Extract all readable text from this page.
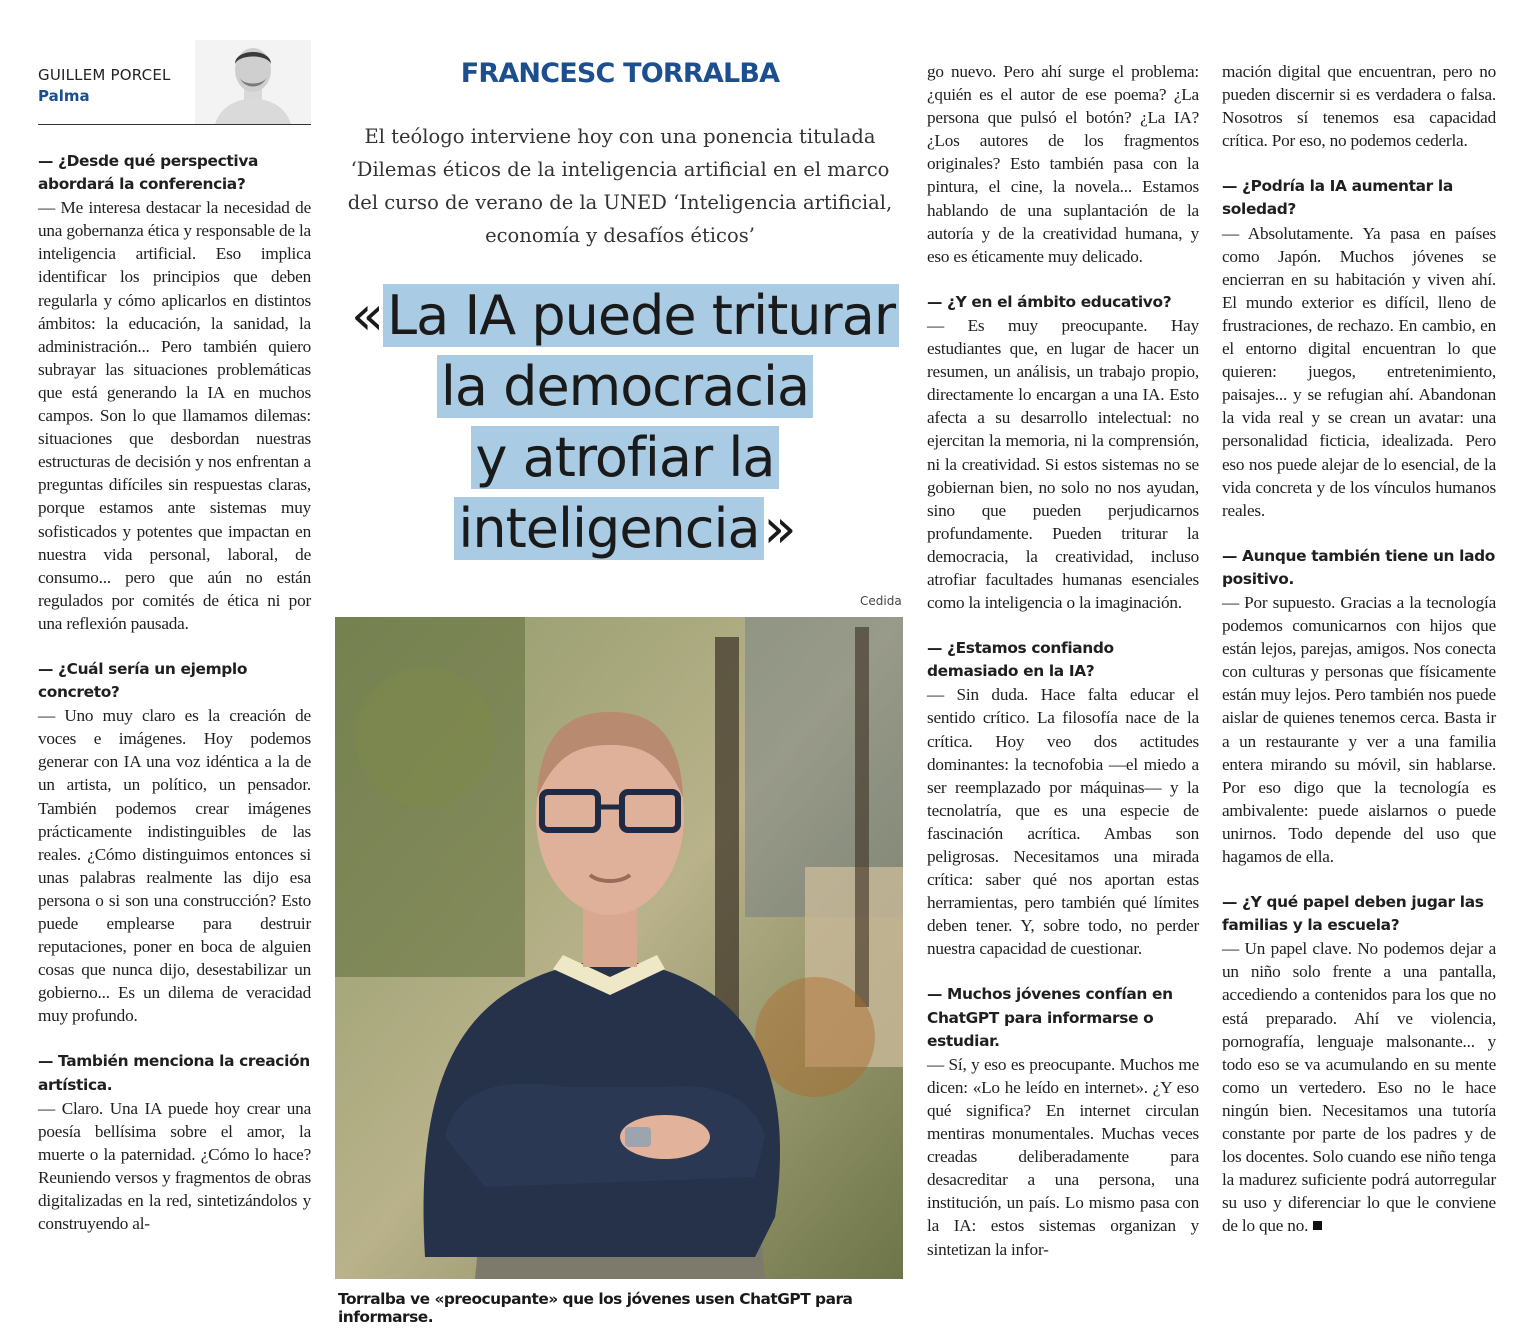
GUILLEM PORCEL
Palma
FRANCESC TORRALBA
El teólogo interviene hoy con una ponencia titulada ‘Dilemas éticos de la inteligencia artificial en el marco del curso de verano de la UNED ‘Inteligencia artificial, economía y desafíos éticos’
«La IA puede triturar
la democracia
y atrofiar la
inteligencia»
Cedida
Torralba ve «preocupante» que los jóvenes usen ChatGPT para informarse.

— ¿Desde qué perspectiva abordará la conferencia?

— Me interesa destacar la necesidad de una gobernanza ética y responsable de la inteligencia artificial. Eso implica identificar los principios que deben regularla y cómo aplicarlos en distintos ámbitos: la educación, la sanidad, la administración... Pero también quiero subrayar las situaciones problemáticas que está generando la IA en muchos campos. Son lo que llamamos dilemas: situaciones que desbordan nuestras estructuras de decisión y nos enfrentan a preguntas difíciles sin respuestas claras, porque estamos ante sistemas muy sofisticados y potentes que impactan en nuestra vida personal, laboral, de consumo... pero que aún no están regulados por comités de ética ni por una reflexión pausada.

— ¿Cuál sería un ejemplo concreto?

— Uno muy claro es la creación de voces e imágenes. Hoy podemos generar con IA una voz idéntica a la de un artista, un político, un pensador. También podemos crear imágenes prácticamente indistinguibles de las reales. ¿Cómo distinguimos entonces si unas palabras realmente las dijo esa persona o si son una construcción? Esto puede emplearse para destruir reputaciones, poner en boca de alguien cosas que nunca dijo, desestabilizar un gobierno... Es un dilema de veracidad muy profundo.

— También menciona la creación artística.

— Claro. Una IA puede hoy crear una poesía bellísima sobre el amor, la muerte o la paternidad. ¿Cómo lo hace? Reuniendo versos y fragmentos de obras digitalizadas en la red, sintetizándolos y construyendo al-

go nuevo. Pero ahí surge el problema: ¿quién es el autor de ese poema? ¿La persona que pulsó el botón? ¿La IA? ¿Los autores de los fragmentos originales? Esto también pasa con la pintura, el cine, la novela... Estamos hablando de una suplantación de la autoría y de la creatividad humana, y eso es éticamente muy delicado.

— ¿Y en el ámbito educativo?

— Es muy preocupante. Hay estudiantes que, en lugar de hacer un resumen, un análisis, un trabajo propio, directamente lo encargan a una IA. Esto afecta a su desarrollo intelectual: no ejercitan la memoria, ni la comprensión, ni la creatividad. Si estos sistemas no se gobiernan bien, no solo no nos ayudan, sino que pueden perjudicarnos profundamente. Pueden triturar la democracia, la creatividad, incluso atrofiar facultades humanas esenciales como la inteligencia o la imaginación.

— ¿Estamos confiando demasiado en la IA?

— Sin duda. Hace falta educar el sentido crítico. La filosofía nace de la crítica. Hoy veo dos actitudes dominantes: la tecnofobia —el miedo a ser reemplazado por máquinas— y la tecnolatría, que es una especie de fascinación acrítica. Ambas son peligrosas. Necesitamos una mirada crítica: saber qué nos aportan estas herramientas, pero también qué límites deben tener. Y, sobre todo, no perder nuestra capacidad de cuestionar.

— Muchos jóvenes confían en ChatGPT para informarse o estudiar.

— Sí, y eso es preocupante. Muchos me dicen: «Lo he leído en internet». ¿Y eso qué significa? En internet circulan mentiras monumentales. Muchas veces creadas deliberadamente para desacreditar a una persona, una institución, un país. Lo mismo pasa con la IA: estos sistemas organizan y sintetizan la infor-

mación digital que encuentran, pero no pueden discernir si es verdadera o falsa. Nosotros sí tenemos esa capacidad crítica. Por eso, no podemos cederla.

— ¿Podría la IA aumentar la soledad?

— Absolutamente. Ya pasa en países como Japón. Muchos jóvenes se encierran en su habitación y viven ahí. El mundo exterior es difícil, lleno de frustraciones, de rechazo. En cambio, en el entorno digital encuentran lo que quieren: juegos, entretenimiento, paisajes... y se refugian ahí. Abandonan la vida real y se crean un avatar: una personalidad ficticia, idealizada. Pero eso nos puede alejar de lo esencial, de la vida concreta y de los vínculos humanos reales.

— Aunque también tiene un lado positivo.

— Por supuesto. Gracias a la tecnología podemos comunicarnos con hijos que están lejos, parejas, amigos. Nos conecta con culturas y personas que físicamente están muy lejos. Pero también nos puede aislar de quienes tenemos cerca. Basta ir a un restaurante y ver a una familia entera mirando su móvil, sin hablarse. Por eso digo que la tecnología es ambivalente: puede aislarnos o puede unirnos. Todo depende del uso que hagamos de ella.

— ¿Y qué papel deben jugar las familias y la escuela?

— Un papel clave. No podemos dejar a un niño solo frente a una pantalla, accediendo a contenidos para los que no está preparado. Ahí ve violencia, pornografía, lenguaje malsonante... y todo eso se va acumulando en su mente como un vertedero. Eso no le hace ningún bien. Necesitamos una tutoría constante por parte de los padres y de los docentes. Solo cuando ese niño tenga la madurez suficiente podrá autorregular su uso y diferenciar lo que le conviene de lo que no.
